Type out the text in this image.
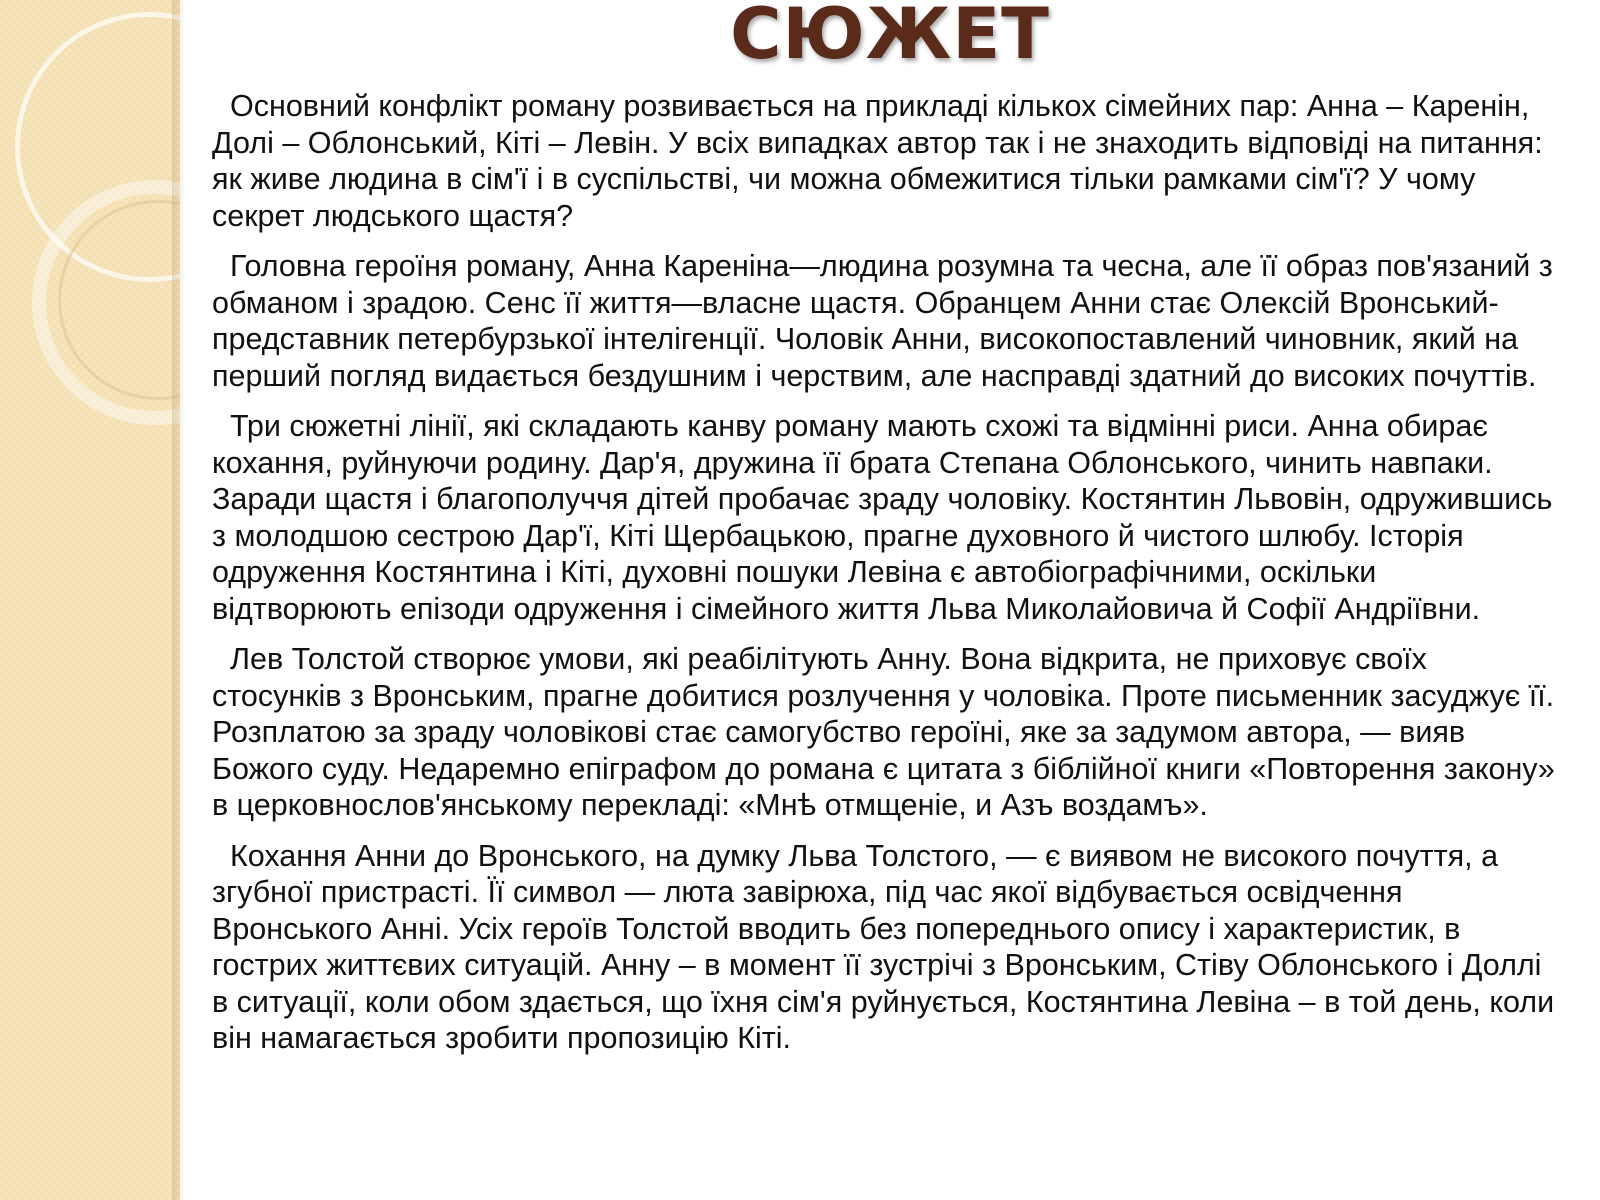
СЮЖЕТ

Основний конфлікт роману розвивається на прикладі кількох сімейних пар: Анна – Каренін, Долі – Облонський, Кіті – Левін. У всіх випадках автор так і не знаходить відповіді на питання: як живе людина в сім'ї і в суспільстві, чи можна обмежитися тільки рамками сім'ї? У чому секрет людського щастя?

Головна героїня роману, Анна Кареніна—людина розумна та чесна, але її образ пов'язаний з обманом і зрадою. Сенс її життя—власне щастя. Обранцем Анни стає Олексій Вронський-представник петербурзької інтелігенції. Чоловік Анни, високопоставлений чиновник, який на перший погляд видається бездушним і черствим, але насправді здатний до високих почуттів.

Три сюжетні лінії, які складають канву роману мають схожі та відмінні риси. Анна обирає кохання, руйнуючи родину. Дар'я, дружина її брата Степана Облонського, чинить навпаки. Заради щастя і благополуччя дітей пробачає зраду чоловіку. Костянтин Львовін, одружившись з молодшою сестрою Дар'ї, Кіті Щербацькою, прагне духовного й чистого шлюбу. Історія одруження Костянтина і Кіті, духовні пошуки Левіна є автобіографічними, оскільки відтворюють епізоди одруження і сімейного життя Льва Миколайовича й Софії Андріївни.

Лев Толстой створює умови, які реабілітують Анну. Вона відкрита, не приховує своїх стосунків з Вронським, прагне добитися розлучення у чоловіка. Проте письменник засуджує її. Розплатою за зраду чоловікові стає самогубство героїні, яке за задумом автора, — вияв Божого суду. Недаремно епіграфом до романа є цитата з біблійної книги «Повторення закону» в церковнослов'янському перекладі: «Мнѣ отмщеніе, и Азъ воздамъ».

Кохання Анни до Вронського, на думку Льва Толстого, — є виявом не високого почуття, а згубної пристрасті. Її символ — люта завірюха, під час якої відбувається освідчення Вронського Анні. Усіх героїв Толстой вводить без попереднього опису і характеристик, в гострих життєвих ситуацій. Анну – в момент її зустрічі з Вронським, Стіву Облонського і Доллі в ситуації, коли обом здається, що їхня сім'я руйнується, Костянтина Левіна – в той день, коли він намагається зробити пропозицію Кіті.
